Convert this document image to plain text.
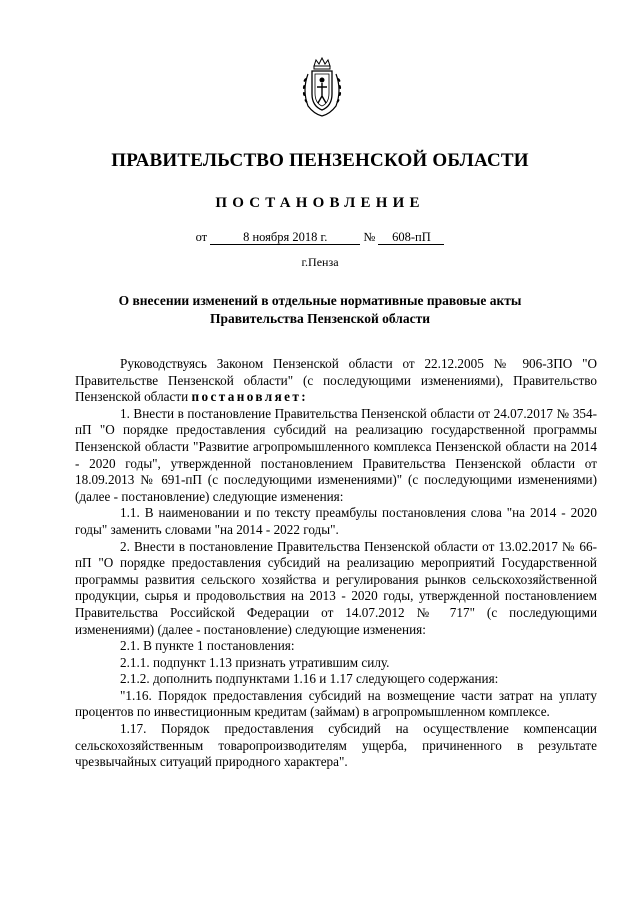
ПРАВИТЕЛЬСТВО ПЕНЗЕНСКОЙ ОБЛАСТИ
ПОСТАНОВЛЕНИЕ
от	8 ноября 2018 г.	№ 608-пП
г.Пенза
О внесении изменений в отдельные нормативные правовые акты
Правительства Пензенской области

Руководствуясь Законом Пензенской области от 22.12.2005 № 906-ЗПО "О Правительстве Пензенской области" (с последующими изменениями), Правительство Пензенской области постановляет:

1. Внести в постановление Правительства Пензенской области от 24.07.2017 № 354-пП "О порядке предоставления субсидий на реализацию государственной программы Пензенской области "Развитие агропромышленного комплекса Пензенской области на 2014 - 2020 годы", утвержденной постановлением Правительства Пензенской области от 18.09.2013 № 691-пП (с последующими изменениями)" (с последующими изменениями) (далее - постановление) следующие изменения:

1.1. В наименовании и по тексту преамбулы постановления слова "на 2014 - 2020 годы" заменить словами "на 2014 - 2022 годы".

2. Внести в постановление Правительства Пензенской области от 13.02.2017 № 66-пП "О порядке предоставления субсидий на реализацию мероприятий Государственной программы развития сельского хозяйства и регулирования рынков сельскохозяйственной продукции, сырья и продовольствия на 2013 - 2020 годы, утвержденной постановлением Правительства Российской Федерации от 14.07.2012 № 717" (с последующими изменениями) (далее - постановление) следующие изменения:

2.1. В пункте 1 постановления:

2.1.1. подпункт 1.13 признать утратившим силу.

2.1.2. дополнить подпунктами 1.16 и 1.17 следующего содержания:

"1.16. Порядок предоставления субсидий на возмещение части затрат на уплату процентов по инвестиционным кредитам (займам) в агропромышленном комплексе.

1.17. Порядок предоставления субсидий на осуществление компенсации сельскохозяйственным товаропроизводителям ущерба, причиненного в результате чрезвычайных ситуаций природного характера".
